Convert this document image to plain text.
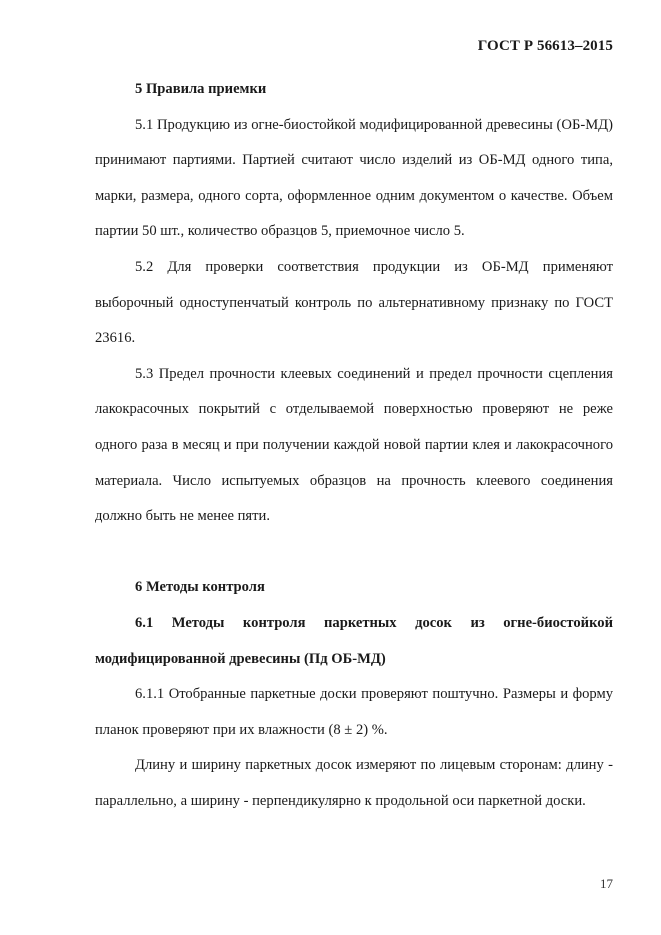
ГОСТ Р 56613–2015

5 Правила приемки

5.1 Продукцию из огне-биостойкой модифицированной древесины (ОБ-МД) принимают партиями. Партией считают число изделий из ОБ-МД одного типа, марки, размера, одного сорта, оформленное одним документом о качестве. Объем партии 50 шт., количество образцов 5, приемочное число 5.

5.2 Для проверки соответствия продукции из ОБ-МД применяют выборочный одноступенчатый контроль по альтернативному признаку по ГОСТ 23616.

5.3 Предел прочности клеевых соединений и предел прочности сцепления лакокрасочных покрытий с отделываемой поверхностью проверяют не реже одного раза в месяц и при получении каждой новой партии клея и лакокрасочного материала. Число испытуемых образцов на прочность клеевого соединения должно быть не менее пяти.

6 Методы контроля

6.1 Методы контроля паркетных досок из огне-биостойкой модифицированной древесины (Пд ОБ-МД)

6.1.1 Отобранные паркетные доски проверяют поштучно. Размеры и форму планок проверяют при их влажности (8 ± 2) %.

Длину и ширину паркетных досок измеряют по лицевым сторонам: длину - параллельно, а ширину - перпендикулярно к продольной оси паркетной доски.

17
